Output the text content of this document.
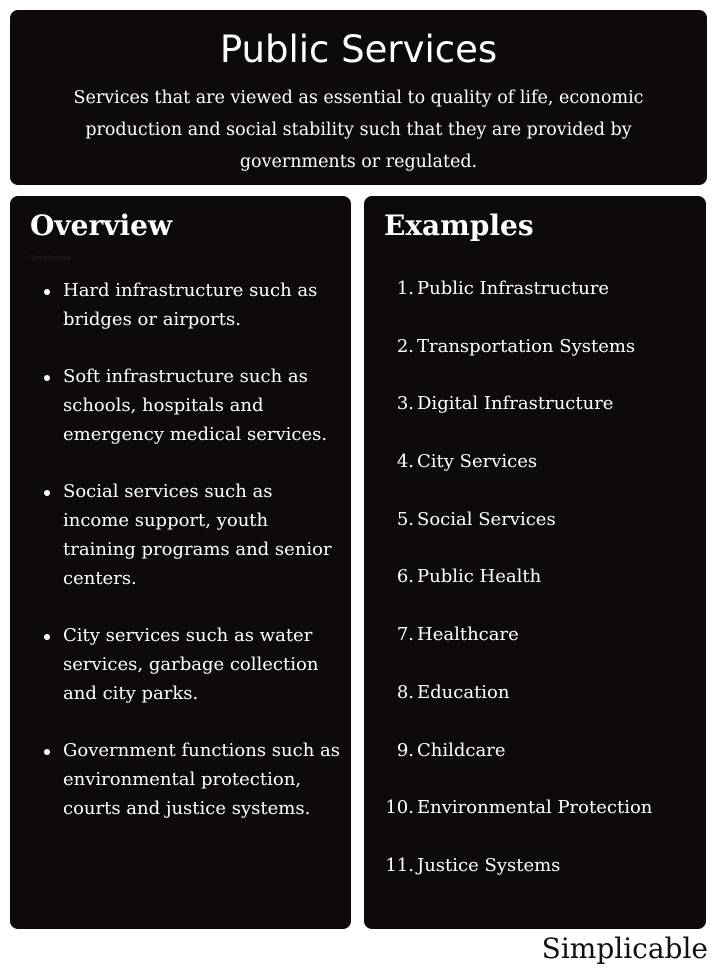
Public Services

Services that are viewed as essential to quality of life, economic production and social stability such that they are provided by governments or regulated.

Overview
Simplicable
Hard infrastructure such as bridges or airports.
Soft infrastructure such as schools, hospitals and emergency medical services.
Social services such as income support, youth training programs and senior centers.
City services such as water services, garbage collection and city parks.
Government functions such as environmental protection, courts and justice systems.
Examples
1. Public Infrastructure
2. Transportation Systems
3. Digital Infrastructure
4. City Services
5. Social Services
6. Public Health
7. Healthcare
8. Education
9. Childcare
10. Environmental Protection
11. Justice Systems
Simplicable
